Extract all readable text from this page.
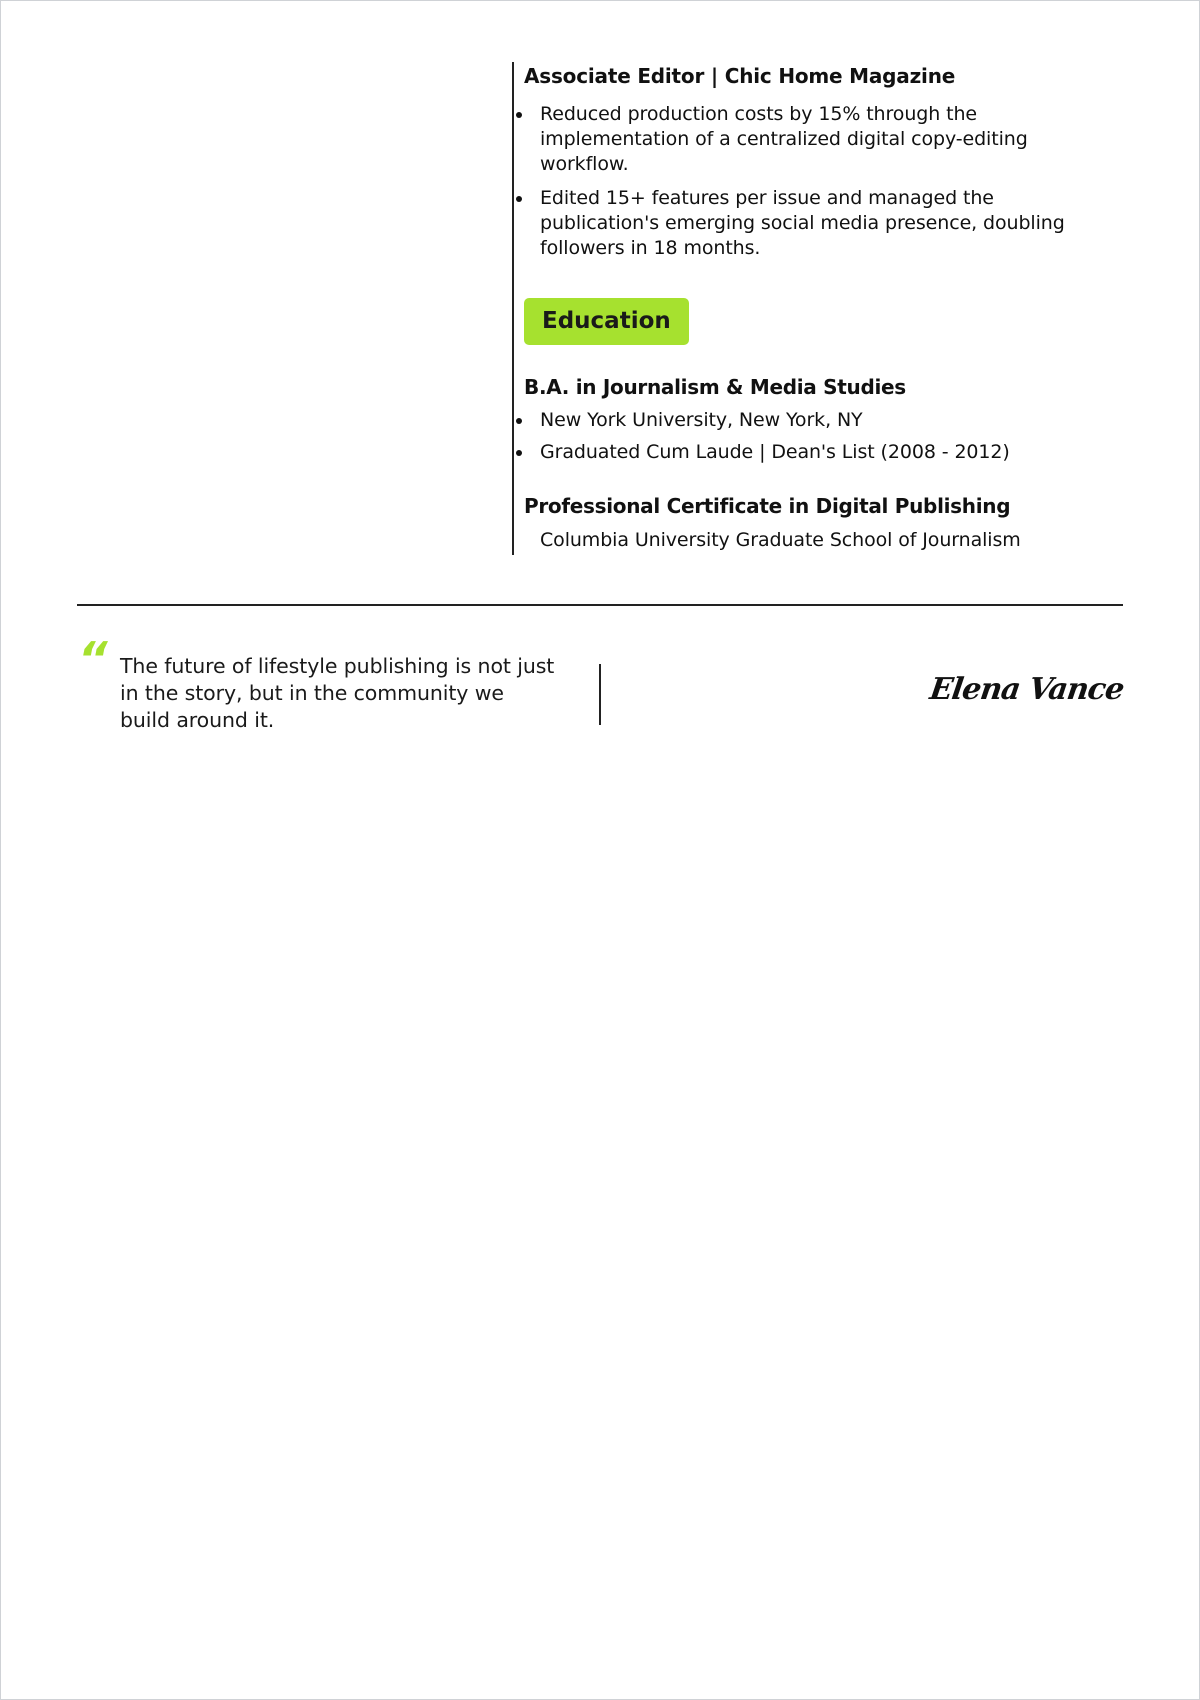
Associate Editor | Chic Home Magazine
Reduced production costs by 15% through the implementation of a centralized digital copy-editing workflow.
Edited 15+ features per issue and managed the publication's emerging social media presence, doubling followers in 18 months.
Education
B.A. in Journalism & Media Studies
New York University, New York, NY
Graduated Cum Laude | Dean's List (2008 - 2012)
Professional Certificate in Digital Publishing
Columbia University Graduate School of Journalism
“ The future of lifestyle publishing is not just in the story, but in the community we build around it.
Elena Vance
